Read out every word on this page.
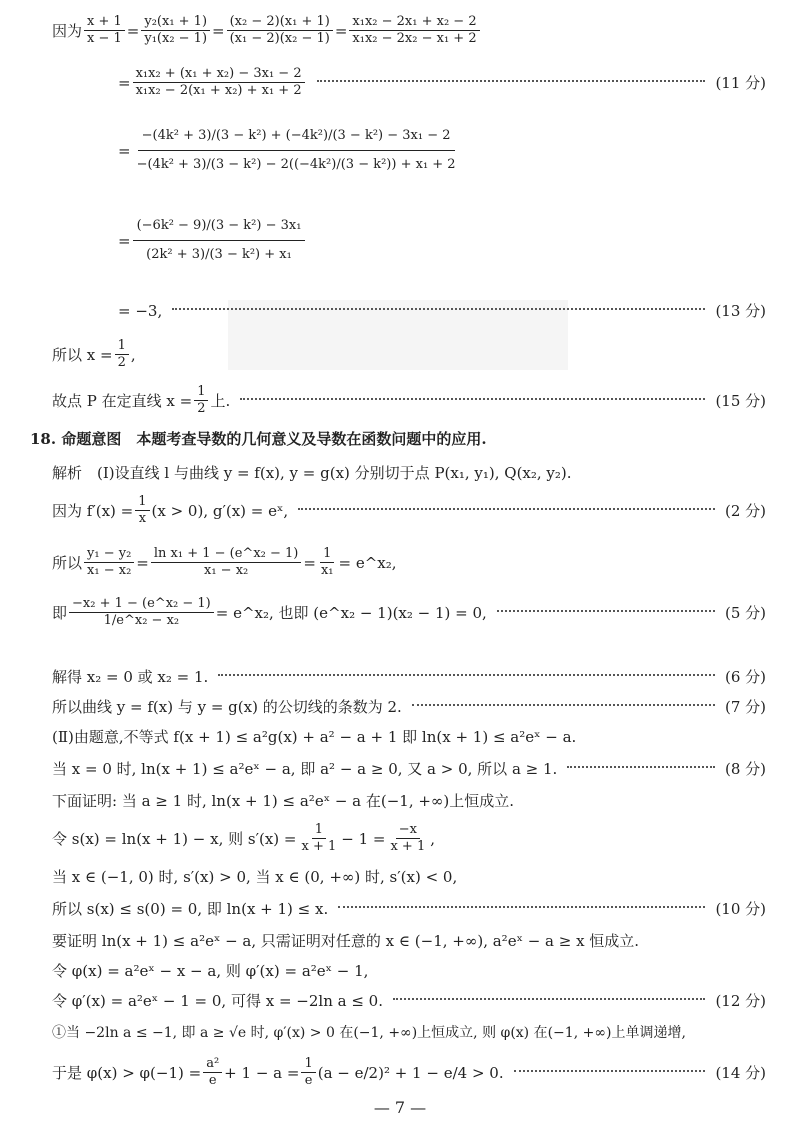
因为 $\frac{x + 1}{x - 1} = \frac{\text{y₂(x₁ + 1)}}{\text{y₁(x₂ − 1)}} = \frac{\text{(x₂ − 2)(x₁ + 1)}}{\text{(x₁ − 2)(x₂ − 1)}} = \frac{\text{x₁x₂ − 2x₁ + x₂ − 2}}{\text{x₁x₂ − 2x₂ − x₁ + 2}}$
= $\frac{\text{x₁x₂ + (x₁ + x₂) − 3x₁ − 2}}{\text{x₁x₂ − 2(x₁ + x₂) + x₁ + 2}}$	(11 分)
= $\frac{\text{−(4k² + 3)/(3 − k²) + (−4k²)/(3 − k²) − 3x₁ − 2}}{\text{−(4k² + 3)/(3 − k²) − 2((−4k²)/(3 − k²)) + x₁ + 2}}$
= $\frac{\text{(−6k² − 9)/(3 − k²) − 3x₁}}{\text{(2k² + 3)/(3 − k²) + x₁}}$
= −3,	(13 分)
所以 $x = \frac{1}{2}$ ,
故点 P 在定直线 $x = \frac{1}{2}$ 上.	(15 分)
18. 命题意图　本题考查导数的几何意义及导数在函数问题中的应用.
解析　(Ⅰ)设直线 l 与曲线 y = f(x), y = g(x) 分别切于点 P(x₁, y₁), Q(x₂, y₂).
因为 $f'(x) = \frac{1}{x} (x > 0)$, g′(x) = eˣ,	(2 分)
所以 $\frac{\text{y₁ − y₂}}{\text{x₁ − x₂}} = \frac{\text{ln x₁ + 1 − (e\textasciicircum{}x₂ − 1)}}{\text{x₁ − x₂}} = \frac{1}{\text{x₁}}$ = e^x₂,
即 $\frac{\text{−x₂ + 1 − (e\textasciicircum{}x₂ − 1)}}{\text{1/e\textasciicircum{}x₂ − x₂}}$ = e^x₂, 也即 (e^x₂ − 1)(x₂ − 1) = 0,	(5 分)
解得 x₂ = 0 或 x₂ = 1.	(6 分)
所以曲线 y = f(x) 与 y = g(x) 的公切线的条数为 2.	(7 分)
(Ⅱ)由题意,不等式 f(x + 1) ≤ a²g(x) + a² − a + 1 即 ln(x + 1) ≤ a²eˣ − a.
当 x = 0 时, ln(x + 1) ≤ a²eˣ − a, 即 a² − a ≥ 0, 又 a > 0, 所以 a ≥ 1.	(8 分)
下面证明: 当 a ≥ 1 时, ln(x + 1) ≤ a²eˣ − a 在(−1, +∞)上恒成立.
令 s(x) = ln(x + 1) − x, 则 $s'(x) = \frac{1}{x + 1} - 1 = \frac{-x}{x + 1}$ ,
当 x ∈ (−1, 0) 时, s′(x) > 0, 当 x ∈ (0, +∞) 时, s′(x) < 0,
所以 s(x) ≤ s(0) = 0, 即 ln(x + 1) ≤ x.	(10 分)
要证明 ln(x + 1) ≤ a²eˣ − a, 只需证明对任意的 x ∈ (−1, +∞), a²eˣ − a ≥ x 恒成立.
令 φ(x) = a²eˣ − x − a, 则 φ′(x) = a²eˣ − 1,
令 φ′(x) = a²eˣ − 1 = 0, 可得 x = −2ln a ≤ 0.	(12 分)
①当 −2ln a ≤ −1, 即 a ≥ √e 时, φ′(x) > 0 在(−1, +∞)上恒成立, 则 φ(x) 在(−1, +∞)上单调递增,
于是 $\varphi(x) > \varphi(-1) = \frac{\text{a²}}{e} + 1 - a = \frac{1}{e} (a - e/2)^2 + 1 - e/4 > 0$.	(14 分)
— 7 —
